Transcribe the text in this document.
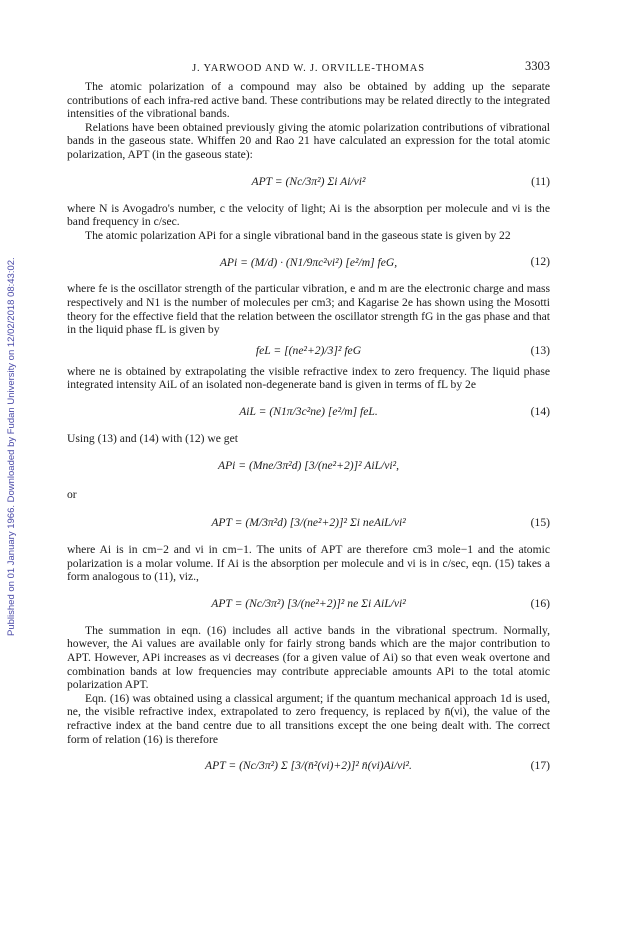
Published on 01 January 1966. Downloaded by Fudan University on 12/02/2018 08:43:02.
J. YARWOOD AND W. J. ORVILLE-THOMAS	3303

The atomic polarization of a compound may also be obtained by adding up the separate contributions of each infra-red active band. These contributions may be related directly to the integrated intensities of the vibrational bands.

Relations have been obtained previously giving the atomic polarization contributions of vibrational bands in the gaseous state. Whiffen 20 and Rao 21 have calculated an expression for the total atomic polarization, APT (in the gaseous state):

APT = (Nc/3π²) Σi Ai/νi²	(11)

where N is Avogadro's number, c the velocity of light; Ai is the absorption per molecule and νi is the band frequency in c/sec.

The atomic polarization APi for a single vibrational band in the gaseous state is given by 22

APi = (M/d) · (N1/9πc²νi²) [e²/m] feG,	(12)

where fe is the oscillator strength of the particular vibration, e and m are the electronic charge and mass respectively and N1 is the number of molecules per cm3; and Kagarise 2e has shown using the Mosotti theory for the effective field that the relation between the oscillator strength fG in the gas phase and that in the liquid phase fL is given by

feL = [(ne²+2)/3]² feG	(13)

where ne is obtained by extrapolating the visible refractive index to zero frequency. The liquid phase integrated intensity AiL of an isolated non-degenerate band is given in terms of fL by 2e

AiL = (N1π/3c²ne) [e²/m] feL.	(14)

Using (13) and (14) with (12) we get

APi = (Mne/3π²d) [3/(ne²+2)]² AiL/νi²,

or

APT = (M/3π²d) [3/(ne²+2)]² Σi neAiL/νi²	(15)

where Ai is in cm−2 and νi in cm−1. The units of APT are therefore cm3 mole−1 and the atomic polarization is a molar volume. If Ai is the absorption per molecule and νi is in c/sec, eqn. (15) takes a form analogous to (11), viz.,

APT = (Nc/3π²) [3/(ne²+2)]² ne Σi AiL/νi²	(16)

The summation in eqn. (16) includes all active bands in the vibrational spectrum. Normally, however, the Ai values are available only for fairly strong bands which are the major contribution to APT. However, APi increases as νi decreases (for a given value of Ai) so that even weak overtone and combination bands at low frequencies may contribute appreciable amounts APi to the total atomic polarization APT.

Eqn. (16) was obtained using a classical argument; if the quantum mechanical approach 1d is used, ne, the visible refractive index, extrapolated to zero frequency, is replaced by n̄(νi), the value of the refractive index at the band centre due to all transitions except the one being dealt with. The correct form of relation (16) is therefore

APT = (Nc/3π²) Σ [3/(n̄²(νi)+2)]² n̄(νi)Ai/νi².	(17)
